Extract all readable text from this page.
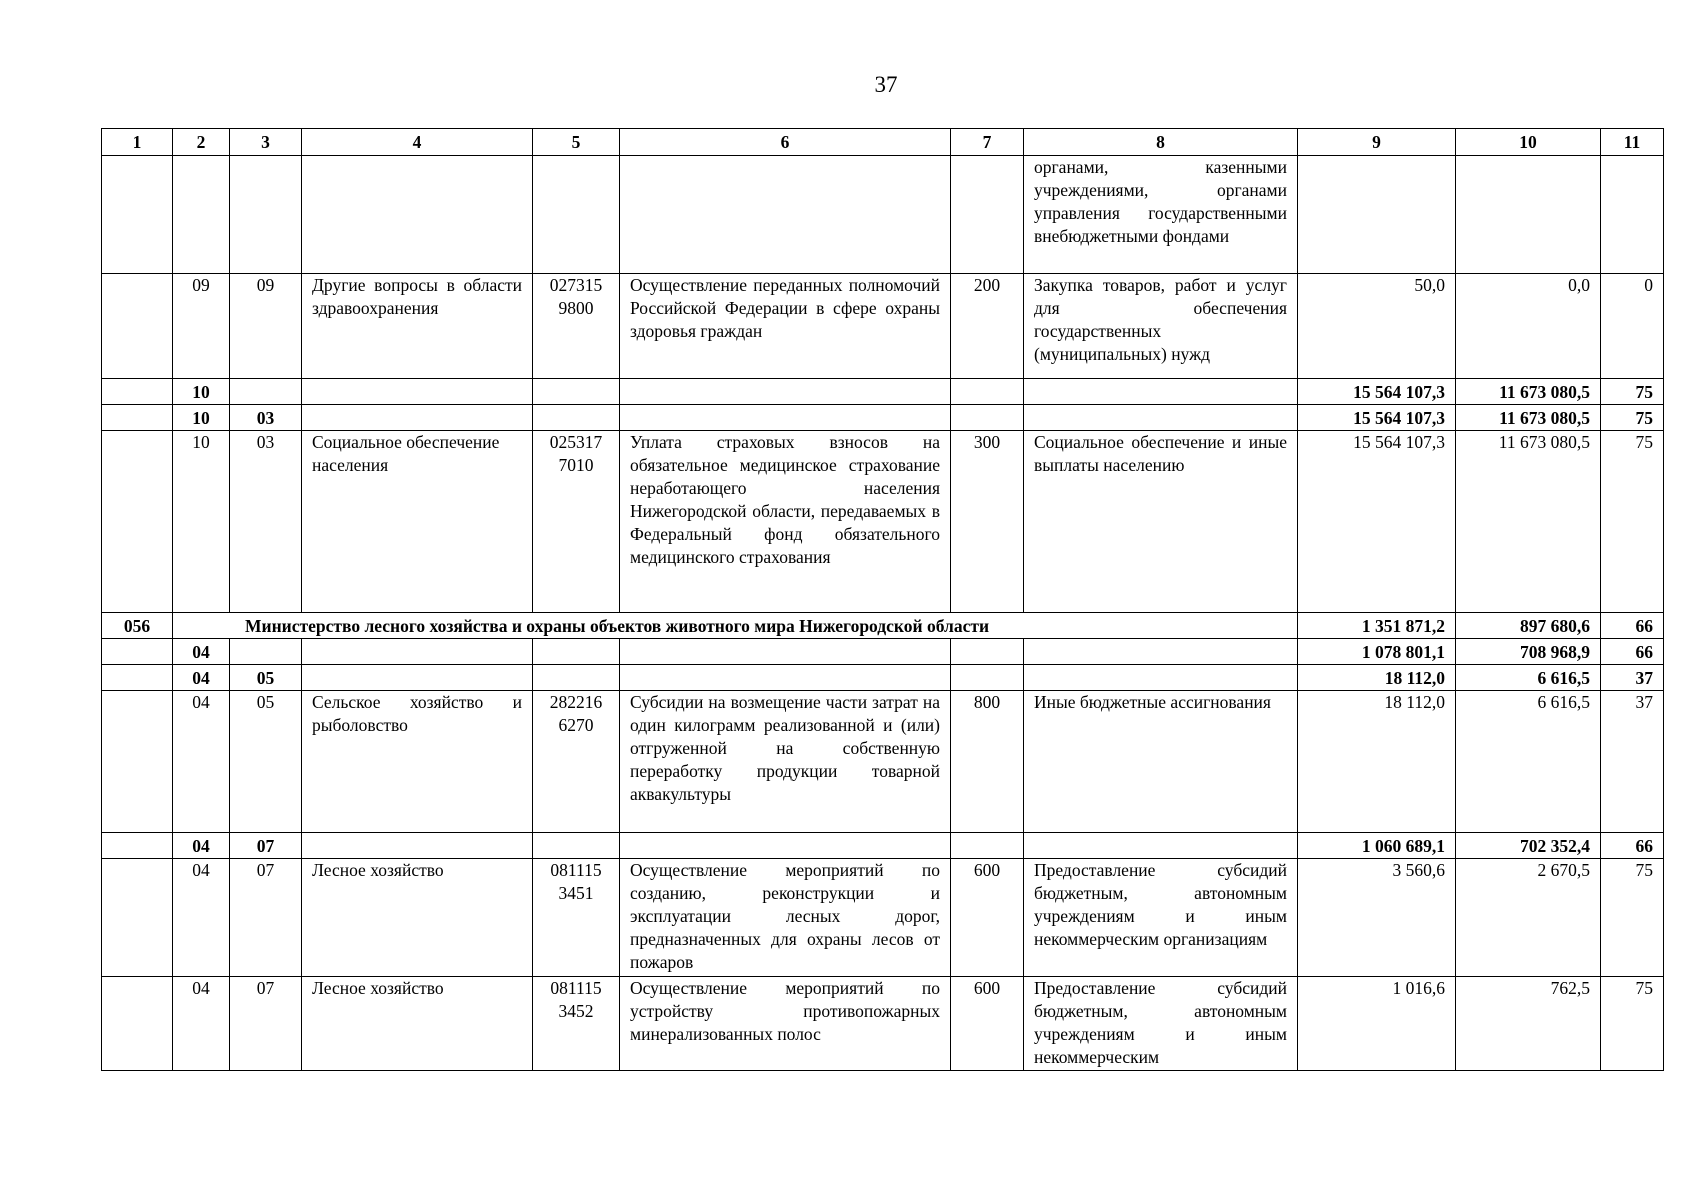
37
1	2	3	4	5	6	7	8	9	10	11
							органами, казенными учреждениями, органами управления государственными внебюджетными фондами			
	09	09	Другие вопросы в области здравоохранения	027315 9800	Осуществление переданных полномочий Российской Федерации в сфере охраны здоровья граждан	200	Закупка товаров, работ и услуг для обеспечения государственных (муниципальных) нужд	50,0	0,0	0
	10							15 564 107,3	11 673 080,5	75
	10	03						15 564 107,3	11 673 080,5	75
	10	03	Социальное обеспечение населения	025317 7010	Уплата страховых взносов на обязательное медицинское страхование неработающего населения Нижегородской области, передаваемых в Федеральный фонд обязательного медицинского страхования	300	Социальное обеспечение и иные выплаты населению	15 564 107,3	11 673 080,5	75
056	Министерство лесного хозяйства и охраны объектов животного мира Нижегородской области							1 351 871,2	897 680,6	66
	04							1 078 801,1	708 968,9	66
	04	05						18 112,0	6 616,5	37
	04	05	Сельское хозяйство и рыболовство	282216 6270	Субсидии на возмещение части затрат на один килограмм реализованной и (или) отгруженной на собственную переработку продукции товарной аквакультуры	800	Иные бюджетные ассигнования	18 112,0	6 616,5	37
	04	07						1 060 689,1	702 352,4	66
	04	07	Лесное хозяйство	081115 3451	Осуществление мероприятий по созданию, реконструкции и эксплуатации лесных дорог, предназначенных для охраны лесов от пожаров	600	Предоставление субсидий бюджетным, автономным учреждениям и иным некоммерческим организациям	3 560,6	2 670,5	75
	04	07	Лесное хозяйство	081115 3452	Осуществление мероприятий по устройству противопожарных минерализованных полос	600	Предоставление субсидий бюджетным, автономным учреждениям и иным некоммерческим	1 016,6	762,5	75
